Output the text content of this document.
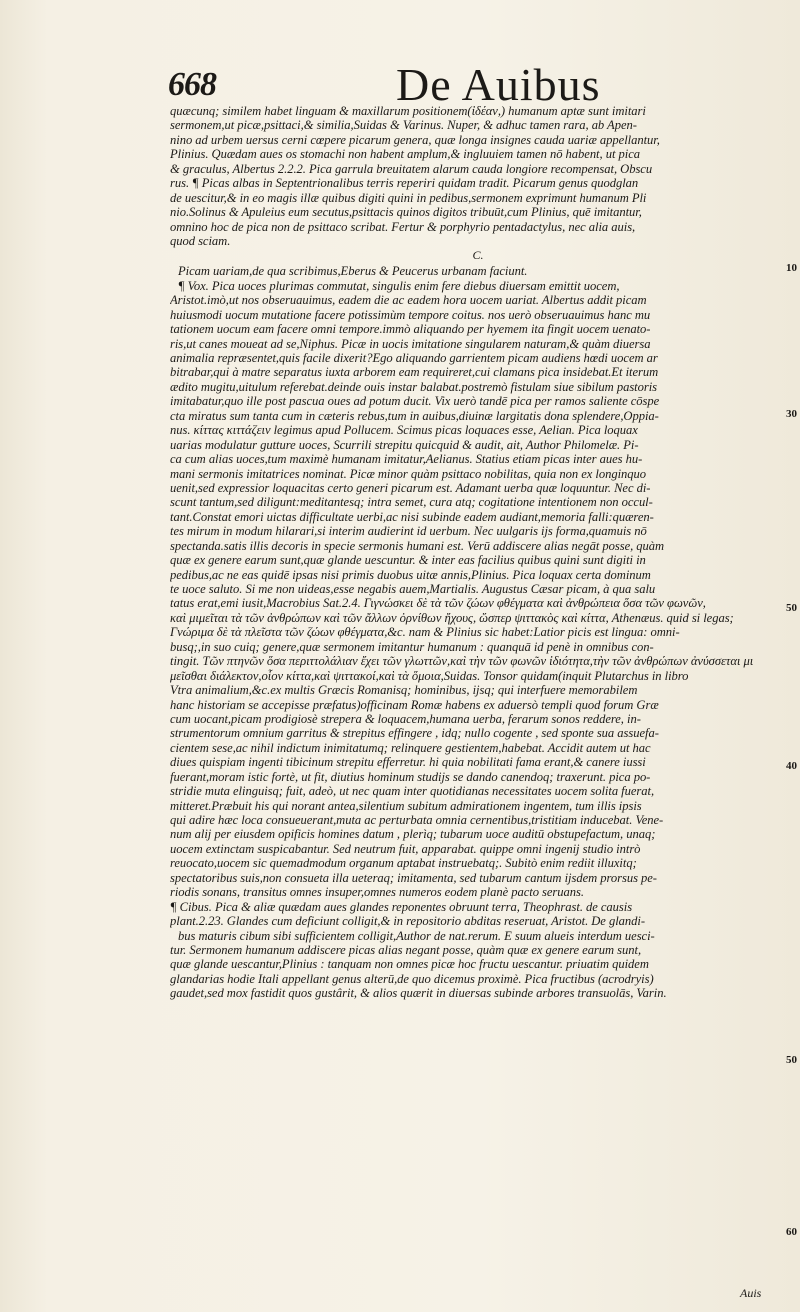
668	De Auibus
quæcunq; similem habet linguam & maxillarum positionem(ἰδέαν,) humanum aptæ sunt imitari
sermonem,ut picæ,psittaci,& similia,Suidas & Varinus. Nuper, & adhuc tamen rara, ab Apen-
nino ad urbem uersus cerni cœpere picarum genera, quæ longa insignes cauda uariæ appellantur,
Plinius. Quædam aues os stomachi non habent amplum,& ingluuiem tamen nō habent, ut pica
& graculus, Albertus 2.2.2. Pica garrula breuitatem alarum cauda longiore recompensat, Obscu
rus. ¶ Picas albas in Septentrionalibus terris reperiri quidam tradit. Picarum genus quodglan
de uescitur,& in eo magis illæ quibus digiti quini in pedibus,sermonem exprimunt humanum Pli
nio.Solinus & Apuleius eum secutus,psittacis quinos digitos tribuūt,cum Plinius, quē imitantur,
omnino hoc de pica non de psittaco scribat. Fertur & porphyrio pentadactylus, nec alia auis,
quod sciam.
C.
Picam uariam,de qua scribimus,Eberus & Peucerus urbanam faciunt.
¶ Vox. Pica uoces plurimas commutat, singulis enim fere diebus diuersam emittit uocem,
Aristot.imò,ut nos obseruauimus, eadem die ac eadem hora uocem uariat. Albertus addit picam
huiusmodi uocum mutatione facere potissimùm tempore coitus. nos uerò obseruauimus hanc mu
tationem uocum eam facere omni tempore.immò aliquando per hyemem ita fingit uocem uenato-
ris,ut canes moueat ad se,Niphus. Picæ in uocis imitatione singularem naturam,& quàm diuersa
animalia repræsentet,quis facile dixerit?Ego aliquando garrientem picam audiens hœdi uocem ar
bitrabar,qui à matre separatus iuxta arborem eam requireret,cui clamans pica insidebat.Et iterum
ædito mugitu,uitulum referebat.deinde ouis instar balabat.postremò fistulam siue sibilum pastoris
imitabatur,quo ille post pascua oues ad potum ducit. Vix uerò tandē pica per ramos saliente cōspe
cta miratus sum tanta cum in cæteris rebus,tum in auibus,diuinæ largitatis dona splendere,Oppia-
nus. κίττας κιττάζειν legimus apud Pollucem. Scimus picas loquaces esse, Aelian. Pica loquax
uarias modulatur gutture uoces, Scurrili strepitu quicquid & audit, ait, Author Philomelæ. Pi-
ca cum alias uoces,tum maximè humanam imitatur,Aelianus. Statius etiam picas inter aues hu-
mani sermonis imitatrices nominat. Picæ minor quàm psittaco nobilitas, quia non ex longinquo
uenit,sed expressior loquacitas certo generi picarum est. Adamant uerba quæ loquuntur. Nec di-
scunt tantum,sed diligunt:meditantesq; intra semet, cura atq; cogitatione intentionem non occul-
tant.Constat emori uictas difficultate uerbi,ac nisi subinde eadem audiant,memoria falli:quæren-
tes mirum in modum hilarari,si interim audierint id uerbum. Nec uulgaris ijs forma,quamuis nō
spectanda.satis illis decoris in specie sermonis humani est. Verū addiscere alias negāt posse, quàm
quæ ex genere earum sunt,quæ glande uescuntur. & inter eas facilius quibus quini sunt digiti in
pedibus,ac ne eas quidē ipsas nisi primis duobus uitæ annis,Plinius. Pica loquax certa dominum
te uoce saluto. Si me non uideas,esse negabis auem,Martialis. Augustus Cæsar picam, à qua salu
tatus erat,emi iusit,Macrobius Sat.2.4. Γιγνώσκει δὲ τὰ τῶν ζώων φθέγματα καὶ ἀνθρώπεια ὅσα τῶν φωνῶν,
καὶ μιμεῖται τὰ τῶν ἀνθρώπων καὶ τῶν ἄλλων ὀρνίθων ἤχους, ὥσπερ ψιττακὸς καὶ κίττα, Athenæus. quid si legas;
Γνώριμα δὲ τὰ πλεῖστα τῶν ζώων φθέγματα,&c. nam & Plinius sic habet:Latior picis est lingua: omni-
busq;,in suo cuiq; genere,quæ sermonem imitantur humanum : quanquā id penè in omnibus con-
tingit. Τῶν πτηνῶν ὅσα περιττολάλιαν ἔχει τῶν γλωττῶν,καὶ τὴν τῶν φωνῶν ἰδιότητα,τὴν τῶν ἀνθρώπων ἀνύσσεται μι
μεῖσθαι διάλεκτον,οἷον κίττα,καὶ ψιττακοί,καὶ τὰ ὅμοια,Suidas. Tonsor quidam(inquit Plutarchus in libro
Vtra animalium,&c.ex multis Græcis Romanisq; hominibus, ijsq; qui interfuere memorabilem
hanc historiam se accepisse præfatus)officinam Romæ habens ex aduersò templi quod forum Græ
cum uocant,picam prodigiosè strepera & loquacem,humana uerba, ferarum sonos reddere, in-
strumentorum omnium garritus & strepitus effingere , idq; nullo cogente , sed sponte sua assuefa-
cientem sese,ac nihil indictum inimitatumq; relinquere gestientem,habebat. Accidit autem ut hac
diues quispiam ingenti tibicinum strepitu efferretur. hi quia nobilitati fama erant,& canere iussi
fuerant,moram istic fortè, ut fit, diutius hominum studijs se dando canendoq; traxerunt. pica po-
stridie muta elinguisq; fuit, adeò, ut nec quam inter quotidianas necessitates uocem solita fuerat,
mitteret.Præbuit his qui norant antea,silentium subitum admirationem ingentem, tum illis ipsis
qui adire hæc loca consueuerant,muta ac perturbata omnia cernentibus,tristitiam inducebat. Vene-
num alij per eiusdem opificis homines datum , plerìq; tubarum uoce auditū obstupefactum, unaq;
uocem extinctam suspicabantur. Sed neutrum fuit, apparabat. quippe omni ingenij studio intrò
reuocato,uocem sic quemadmodum organum aptabat instruebatq;. Subitò enim rediit illuxitq;
spectatoribus suis,non consueta illa ueteraq; imitamenta, sed tubarum cantum ijsdem prorsus pe-
riodis sonans, transitus omnes insuper,omnes numeros eodem planè pacto seruans.
¶ Cibus. Pica & aliæ quædam aues glandes reponentes obruunt terra, Theophrast. de causis
plant.2.23. Glandes cum deficiunt colligit,& in repositorio abditas reseruat, Aristot. De glandi-
bus maturis cibum sibi sufficientem colligit,Author de nat.rerum. E suum alueis interdum uesci-
tur. Sermonem humanum addiscere picas alias negant posse, quàm quæ ex genere earum sunt,
quæ glande uescantur,Plinius : tanquam non omnes picæ hoc fructu uescantur. priuatim quidem
glandarias hodie Itali appellant genus alterū,de quo dicemus proximè. Pica fructibus (acrodryis)
gaudet,sed mox fastidit quos gustârit, & alios quærit in diuersas subinde arbores transuolās, Varin.
10
30
50
40
50
60
Auis
